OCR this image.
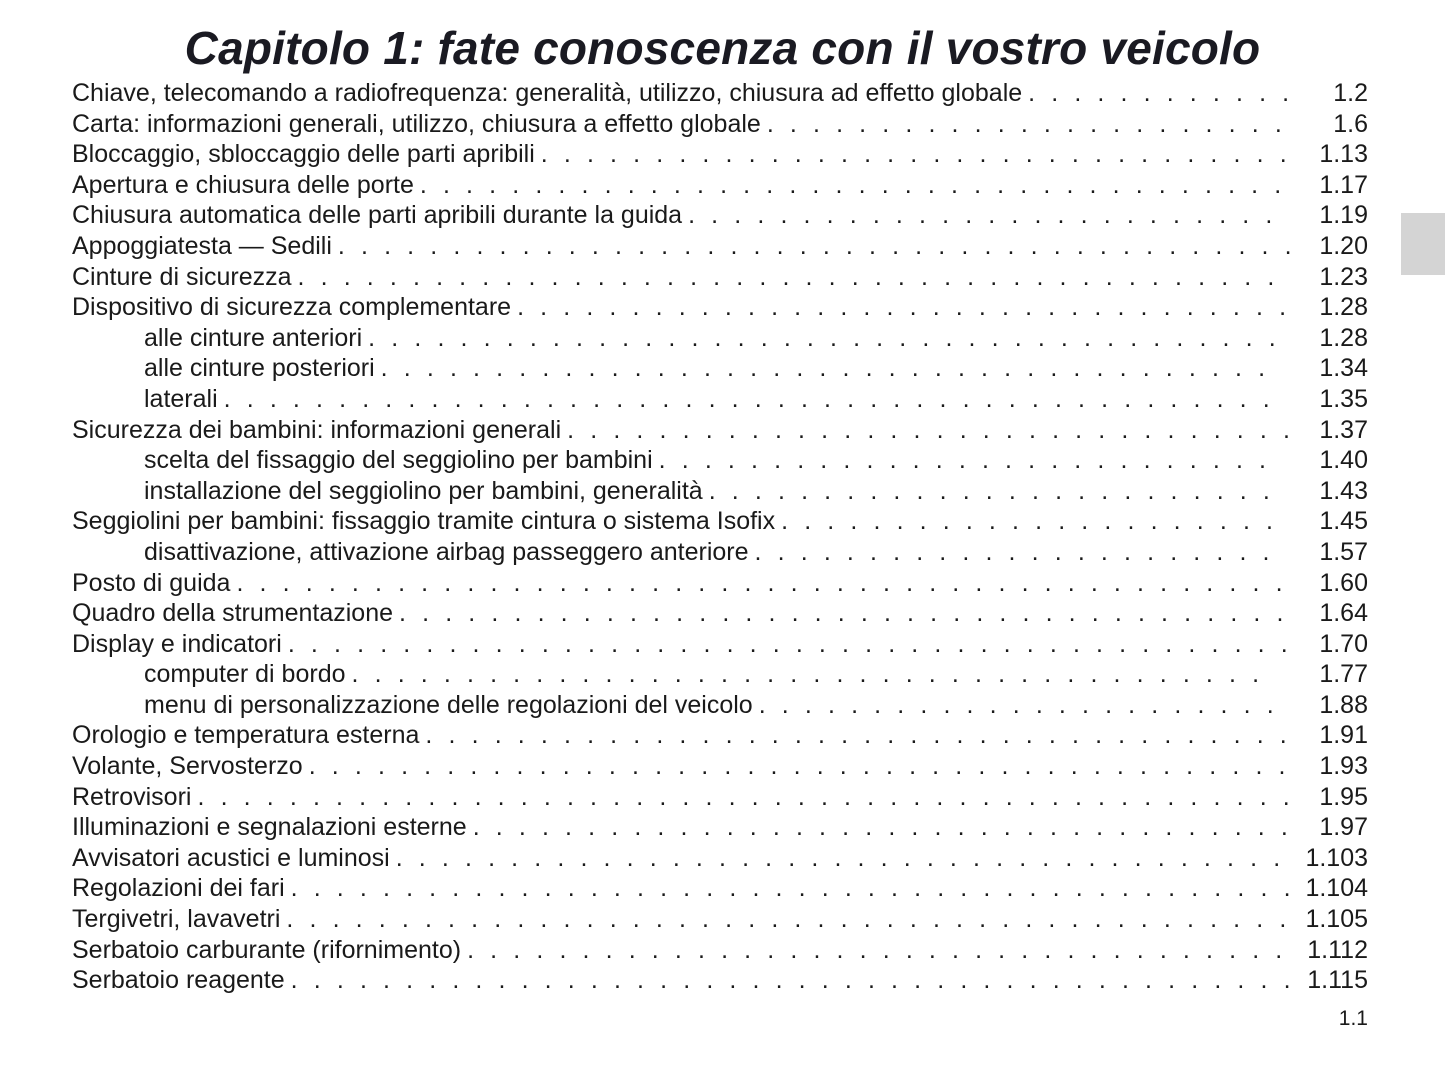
Capitolo 1: fate conoscenza con il vostro veicolo
Chiave, telecomando a radiofrequenza: generalità, utilizzo, chiusura ad effetto globale . . .	1.2
Carta: informazioni generali, utilizzo, chiusura a effetto globale . . .	1.6
Bloccaggio, sbloccaggio delle parti apribili . . .	1.13
Apertura e chiusura delle porte . . .	1.17
Chiusura automatica delle parti apribili durante la guida . . .	1.19
Appoggiatesta — Sedili . . .	1.20
Cinture di sicurezza . . .	1.23
Dispositivo di sicurezza complementare . . .	1.28
alle cinture anteriori . . .	1.28
alle cinture posteriori . . .	1.34
laterali . . .	1.35
Sicurezza dei bambini: informazioni generali . . .	1.37
scelta del fissaggio del seggiolino per bambini . . .	1.40
installazione del seggiolino per bambini, generalità . . .	1.43
Seggiolini per bambini: fissaggio tramite cintura o sistema Isofix . . .	1.45
disattivazione, attivazione airbag passeggero anteriore . . .	1.57
Posto di guida . . .	1.60
Quadro della strumentazione . . .	1.64
Display e indicatori . . .	1.70
computer di bordo . . .	1.77
menu di personalizzazione delle regolazioni del veicolo . . .	1.88
Orologio e temperatura esterna . . .	1.91
Volante, Servosterzo . . .	1.93
Retrovisori . . .	1.95
Illuminazioni e segnalazioni esterne . . .	1.97
Avvisatori acustici e luminosi . . .	1.103
Regolazioni dei fari . . .	1.104
Tergivetri, lavavetri . . .	1.105
Serbatoio carburante (rifornimento) . . .	1.112
Serbatoio reagente . . .	1.115
1.1
